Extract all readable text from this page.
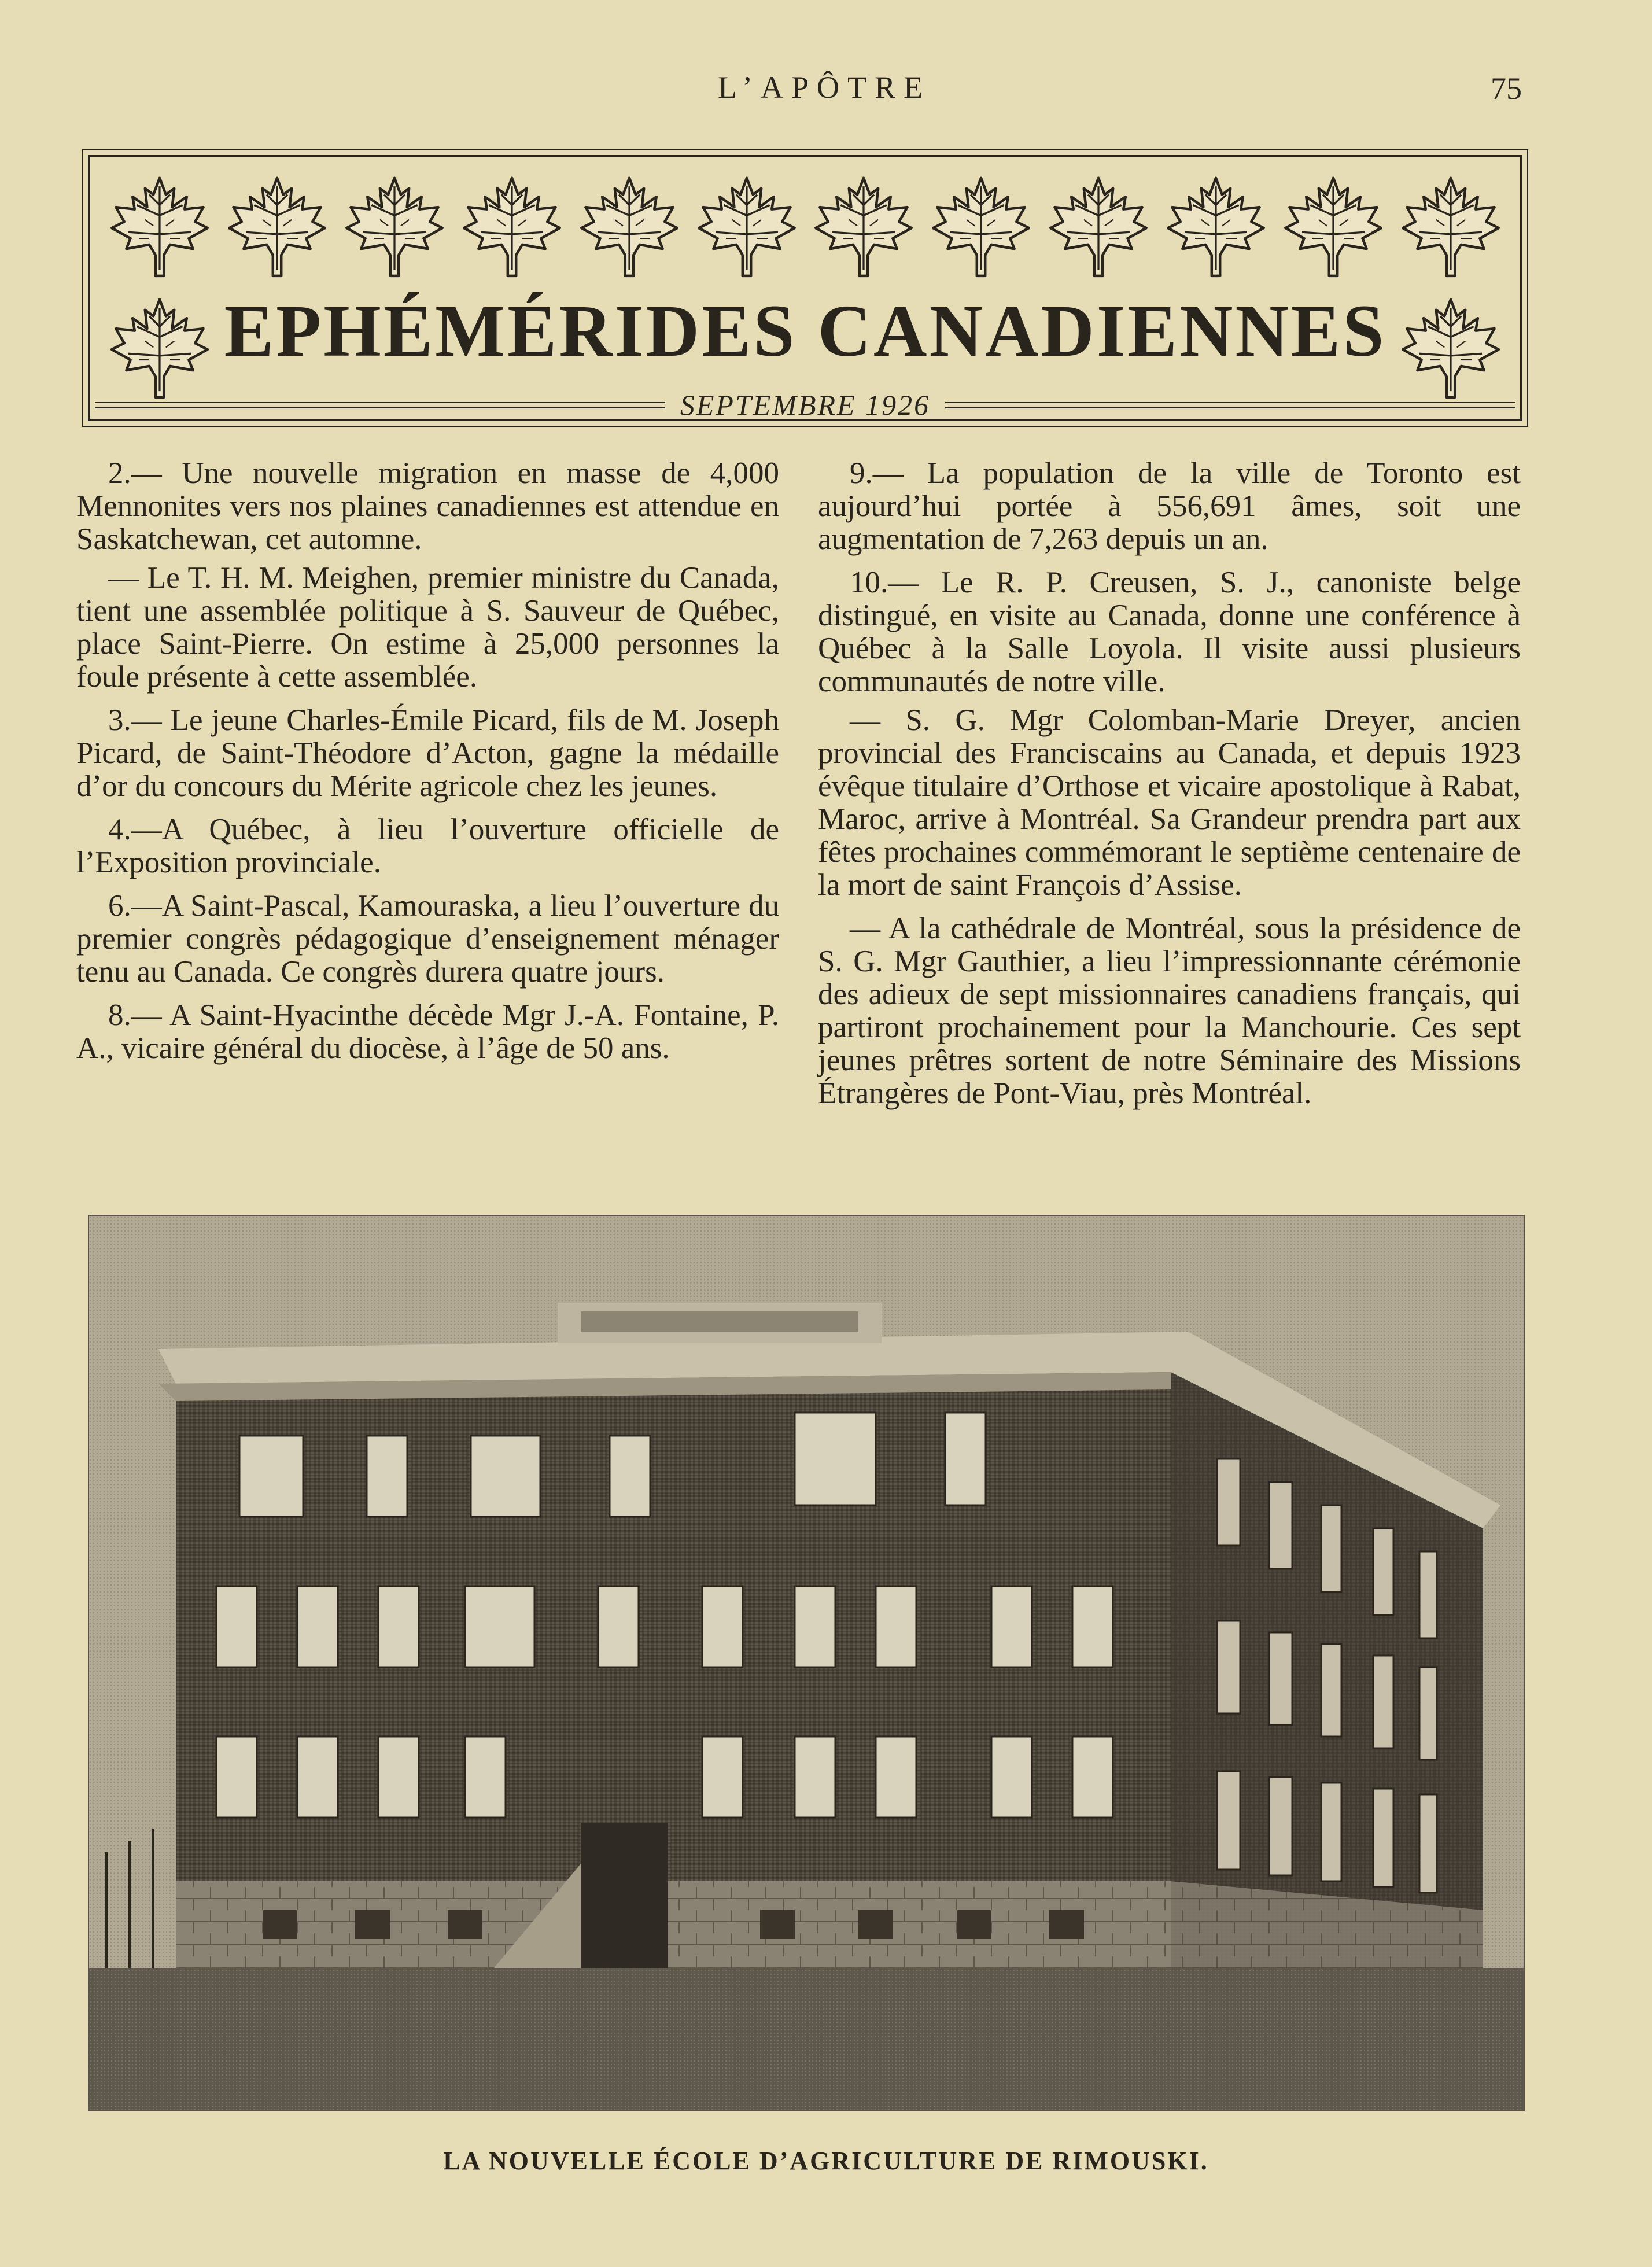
L’APÔTRE	75
EPHÉMÉRIDES CANADIENNES
SEPTEMBRE 1926

2.— Une nouvelle migration en masse de 4,000 Mennonites vers nos plaines canadiennes est attendue en Saskatchewan, cet automne.

— Le T. H. M. Meighen, premier ministre du Canada, tient une assemblée politique à S. Sauveur de Québec, place Saint-Pierre. On estime à 25,000 personnes la foule présente à cette assemblée.

3.— Le jeune Charles-Émile Picard, fils de M. Joseph Picard, de Saint-Théodore d’Acton, gagne la médaille d’or du concours du Mérite agricole chez les jeunes.

4.—A Québec, à lieu l’ouverture officielle de l’Exposition provinciale.

6.—A Saint-Pascal, Kamouraska, a lieu l’ouverture du premier congrès pédagogique d’enseignement ménager tenu au Canada. Ce congrès durera quatre jours.

8.— A Saint-Hyacinthe décède Mgr J.-A. Fontaine, P. A., vicaire général du diocèse, à l’âge de 50 ans.

9.— La population de la ville de Toronto est aujourd’hui portée à 556,691 âmes, soit une augmentation de 7,263 depuis un an.

10.— Le R. P. Creusen, S. J., canoniste belge distingué, en visite au Canada, donne une conférence à Québec à la Salle Loyola. Il visite aussi plusieurs communautés de notre ville.

— S. G. Mgr Colomban-Marie Dreyer, ancien provincial des Franciscains au Canada, et depuis 1923 évêque titulaire d’Orthose et vicaire apostolique à Rabat, Maroc, arrive à Montréal. Sa Grandeur prendra part aux fêtes prochaines commémorant le septième centenaire de la mort de saint François d’Assise.

— A la cathédrale de Montréal, sous la présidence de S. G. Mgr Gauthier, a lieu l’impressionnante cérémonie des adieux de sept missionnaires canadiens français, qui partiront prochainement pour la Manchourie. Ces sept jeunes prêtres sortent de notre Séminaire des Missions Étrangères de Pont-Viau, près Montréal.

LA NOUVELLE ÉCOLE D’AGRICULTURE DE RIMOUSKI.
